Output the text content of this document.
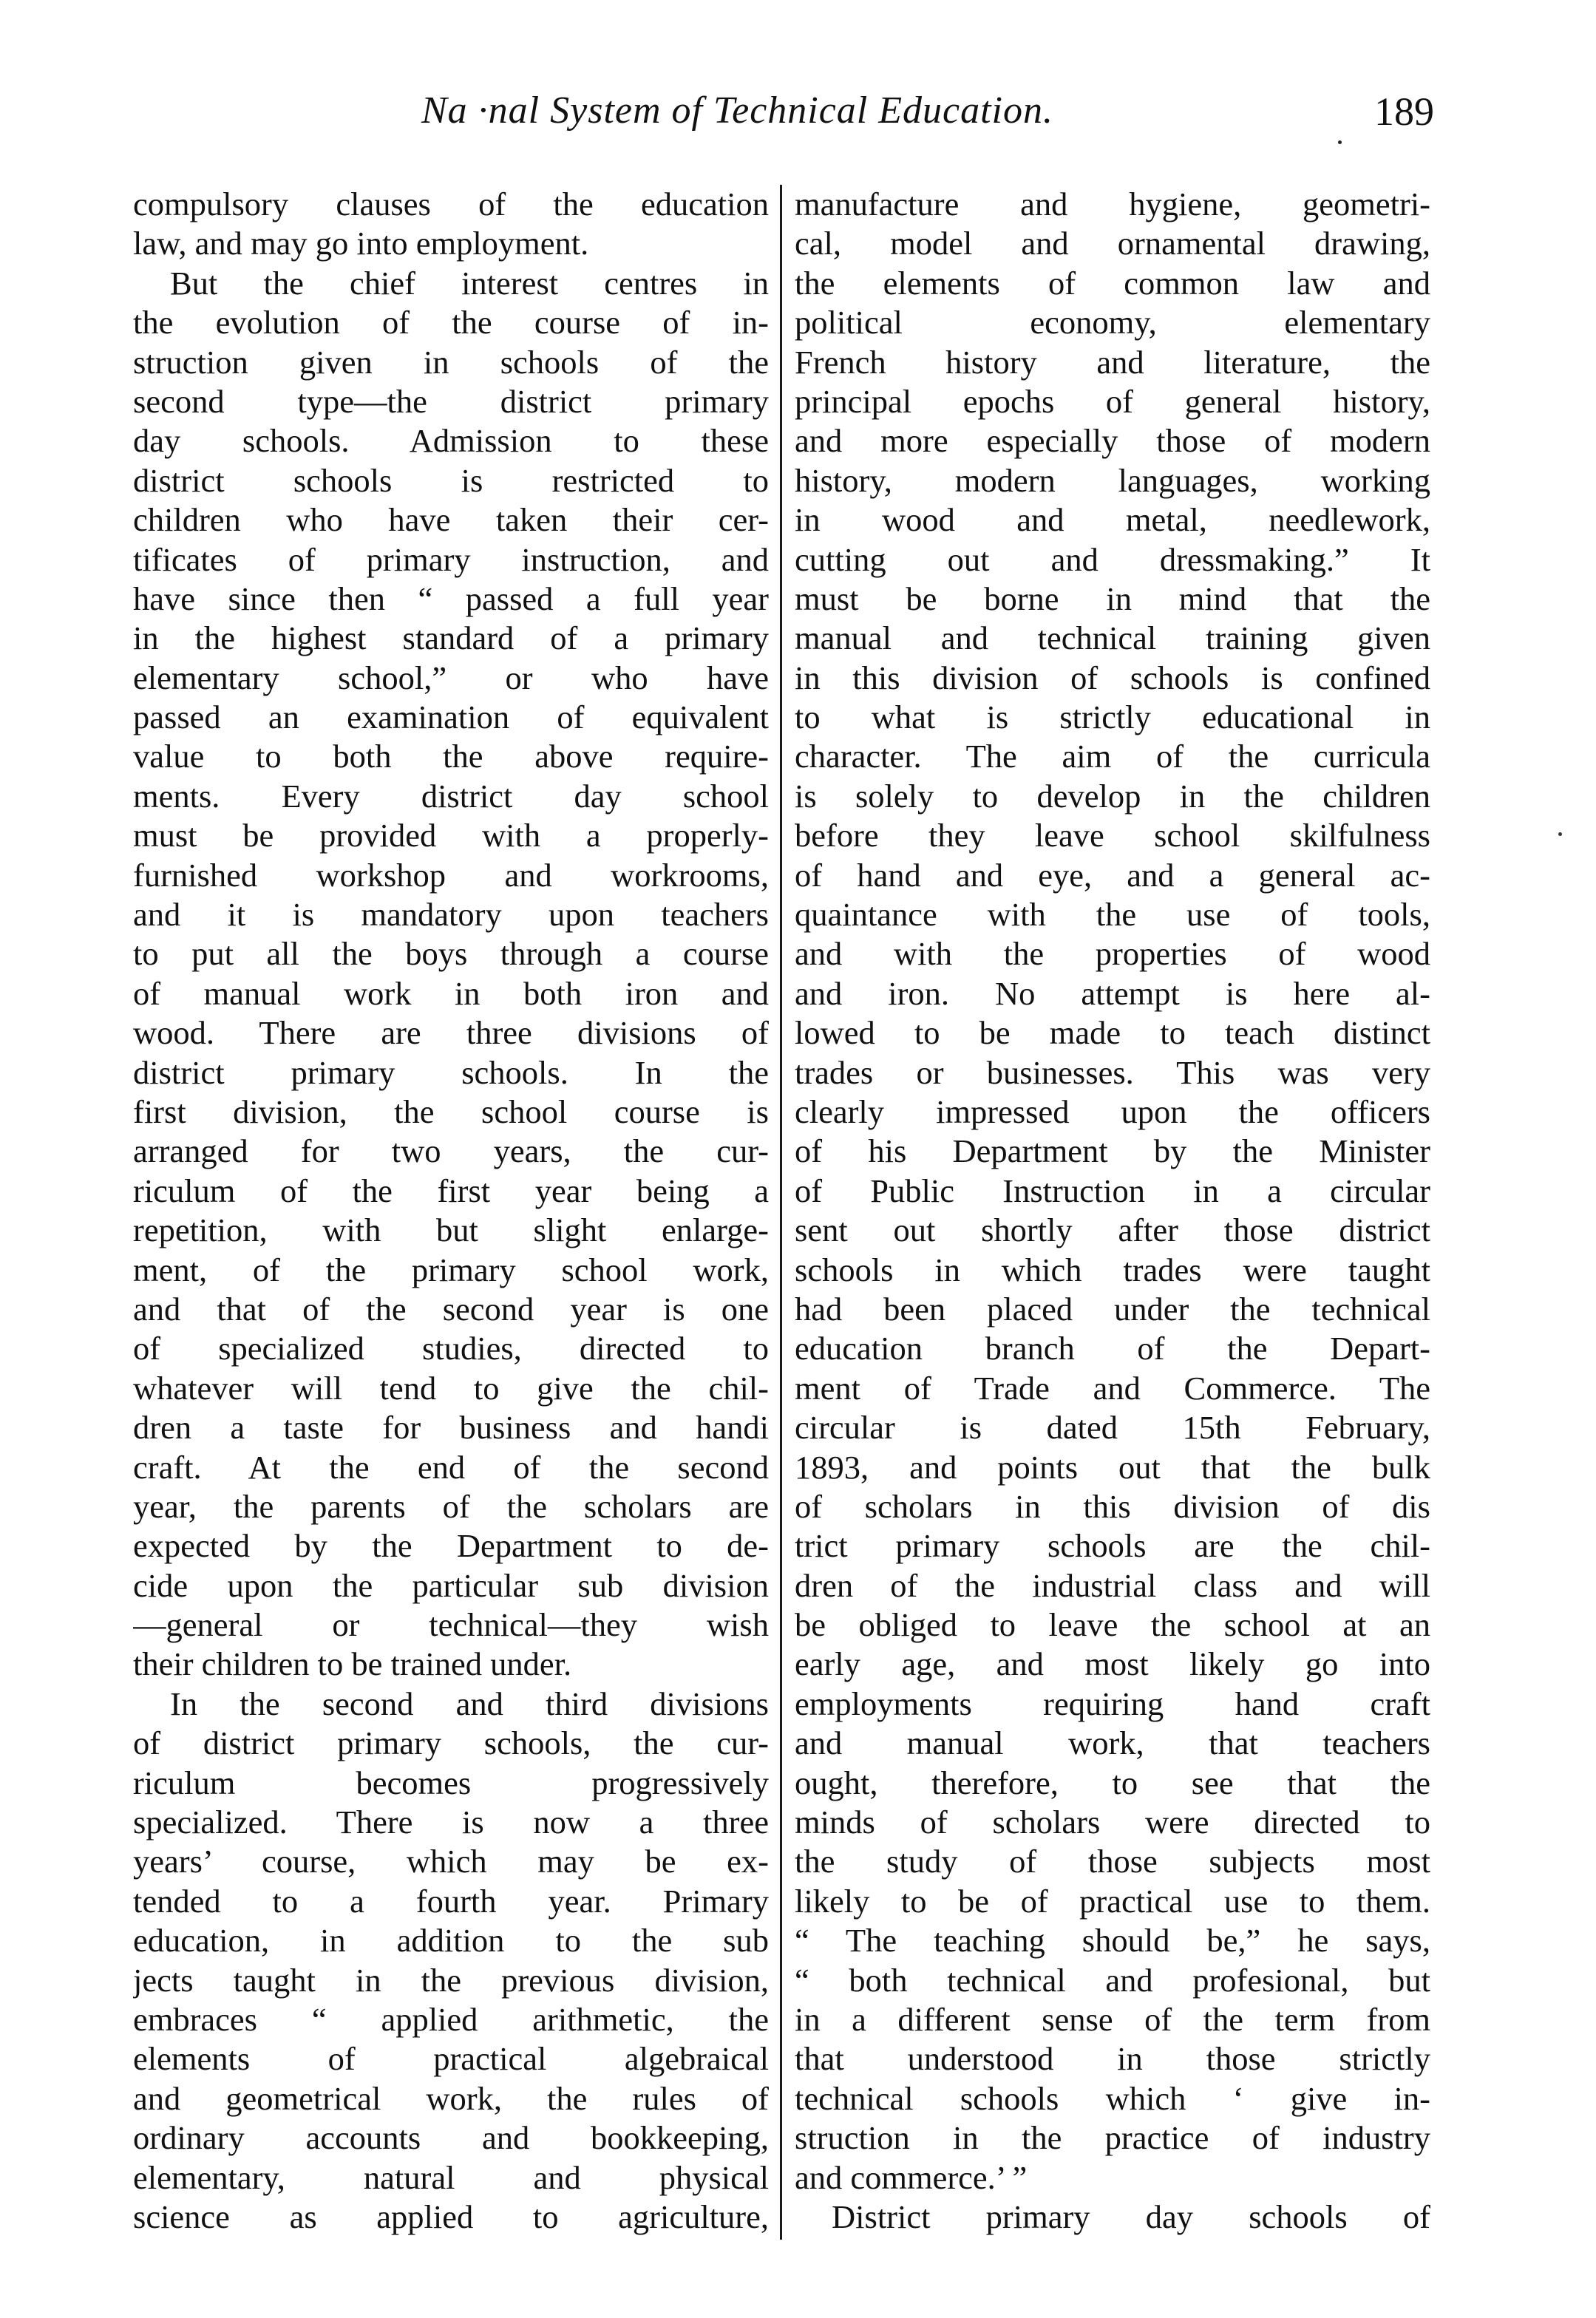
Na ·nal System of Technical Education.	189
compulsory clauses of the education
law, and may go into employment.
But the chief interest centres in
the evolution of the course of in-
struction given in schools of the
second type—the district primary
day schools. Admission to these
district schools is restricted to
children who have taken their cer-
tificates of primary instruction, and
have since then “ passed a full year
in the highest standard of a primary
elementary school,” or who have
passed an examination of equivalent
value to both the above require-
ments. Every district day school
must be provided with a properly-
furnished workshop and workrooms,
and it is mandatory upon teachers
to put all the boys through a course
of manual work in both iron and
wood. There are three divisions of
district primary schools. In the
first division, the school course is
arranged for two years, the cur-
riculum of the first year being a
repetition, with but slight enlarge-
ment, of the primary school work,
and that of the second year is one
of specialized studies, directed to
whatever will tend to give the chil-
dren a taste for business and handi
craft. At the end of the second
year, the parents of the scholars are
expected by the Department to de-
cide upon the particular sub division
—general or technical—they wish
their children to be trained under.
In the second and third divisions
of district primary schools, the cur-
riculum becomes progressively
specialized. There is now a three
years’ course, which may be ex-
tended to a fourth year. Primary
education, in addition to the sub
jects taught in the previous division,
embraces “ applied arithmetic, the
elements of practical algebraical
and geometrical work, the rules of
ordinary accounts and bookkeeping,
elementary, natural and physical
science as applied to agriculture,
manufacture and hygiene, geometri-
cal, model and ornamental drawing,
the elements of common law and
political economy, elementary
French history and literature, the
principal epochs of general history,
and more especially those of modern
history, modern languages, working
in wood and metal, needlework,
cutting out and dressmaking.” It
must be borne in mind that the
manual and technical training given
in this division of schools is confined
to what is strictly educational in
character. The aim of the curricula
is solely to develop in the children
before they leave school skilfulness
of hand and eye, and a general ac-
quaintance with the use of tools,
and with the properties of wood
and iron. No attempt is here al-
lowed to be made to teach distinct
trades or businesses. This was very
clearly impressed upon the officers
of his Department by the Minister
of Public Instruction in a circular
sent out shortly after those district
schools in which trades were taught
had been placed under the technical
education branch of the Depart-
ment of Trade and Commerce. The
circular is dated 15th February,
1893, and points out that the bulk
of scholars in this division of dis
trict primary schools are the chil-
dren of the industrial class and will
be obliged to leave the school at an
early age, and most likely go into
employments requiring hand craft
and manual work, that teachers
ought, therefore, to see that the
minds of scholars were directed to
the study of those subjects most
likely to be of practical use to them.
“ The teaching should be,” he says,
“ both technical and profesional, but
in a different sense of the term from
that understood in those strictly
technical schools which ‘ give in-
struction in the practice of industry
and commerce.’ ”
District primary day schools of
